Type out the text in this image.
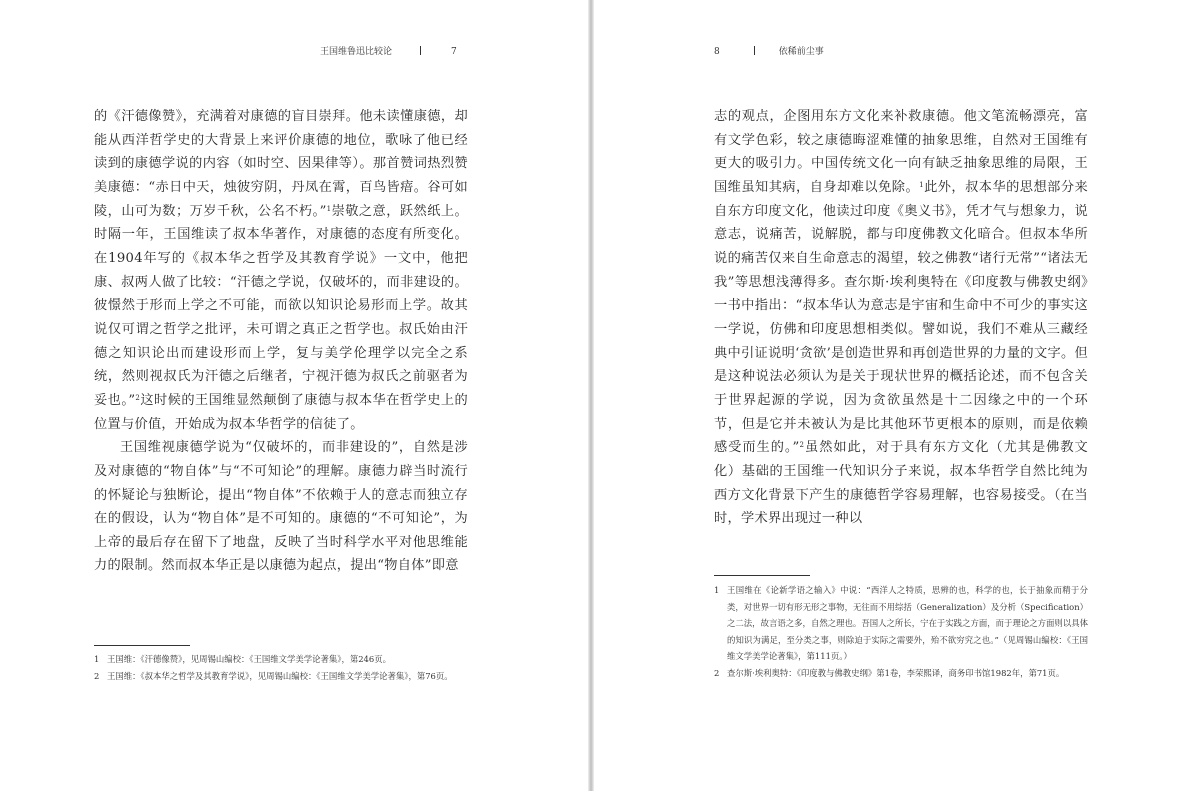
王国维鲁迅比较论	7

的《汗德像赞》，充满着对康德的盲目崇拜。他未读懂康德，却能从西洋哲学史的大背景上来评价康德的地位，歌咏了他已经读到的康德学说的内容（如时空、因果律等）。那首赞词热烈赞美康德：“赤日中天，烛彼穷阴，丹凤在霄，百鸟皆瘖。谷可如陵，山可为数；万岁千秋，公名不朽。”$^1$崇敬之意，跃然纸上。时隔一年，王国维读了叔本华著作，对康德的态度有所变化。在1904年写的《叔本华之哲学及其教育学说》一文中，他把康、叔两人做了比较：“汗德之学说，仅破坏的，而非建设的。彼憬然于形而上学之不可能，而欲以知识论易形而上学。故其说仅可谓之哲学之批评，未可谓之真正之哲学也。叔氏始由汗德之知识论出而建设形而上学，复与美学伦理学以完全之系统，然则视叔氏为汗德之后继者，宁视汗德为叔氏之前驱者为妥也。”$^2$这时候的王国维显然颠倒了康德与叔本华在哲学史上的位置与价值，开始成为叔本华哲学的信徒了。

王国维视康德学说为“仅破坏的，而非建设的”，自然是涉及对康德的“物自体”与“不可知论”的理解。康德力辟当时流行的怀疑论与独断论，提出“物自体”不依赖于人的意志而独立存在的假设，认为“物自体”是不可知的。康德的“不可知论”，为上帝的最后存在留下了地盘，反映了当时科学水平对他思维能力的限制。然而叔本华正是以康德为起点，提出“物自体”即意

1 王国维：《汗德像赞》，见周锡山编校：《王国维文学美学论著集》，第246页。
2 王国维：《叔本华之哲学及其教育学说》，见周锡山编校：《王国维文学美学论著集》，第76页。
8	依稀前尘事

志的观点，企图用东方文化来补救康德。他文笔流畅漂亮，富有文学色彩，较之康德晦涩难懂的抽象思维，自然对王国维有更大的吸引力。中国传统文化一向有缺乏抽象思维的局限，王国维虽知其病，自身却难以免除。$^1$此外，叔本华的思想部分来自东方印度文化，他读过印度《奥义书》，凭才气与想象力，说意志，说痛苦，说解脱，都与印度佛教文化暗合。但叔本华所说的痛苦仅来自生命意志的渴望，较之佛教“诸行无常”“诸法无我”等思想浅薄得多。查尔斯·埃利奥特在《印度教与佛教史纲》一书中指出：“叔本华认为意志是宇宙和生命中不可少的事实这一学说，仿佛和印度思想相类似。譬如说，我们不难从三藏经典中引证说明‘贪欲’是创造世界和再创造世界的力量的文字。但是这种说法必须认为是关于现状世界的概括论述，而不包含关于世界起源的学说，因为贪欲虽然是十二因缘之中的一个环节，但是它并未被认为是比其他环节更根本的原则，而是依赖感受而生的。”$^2$虽然如此，对于具有东方文化（尤其是佛教文化）基础的王国维一代知识分子来说，叔本华哲学自然比纯为西方文化背景下产生的康德哲学容易理解，也容易接受。（在当时，学术界出现过一种以

1 王国维在《论新学语之输入》中说：“西洋人之特质，思辨的也，科学的也，长于抽象而精于分类，对世界一切有形无形之事物，无往而不用综括（Generalization）及分析（Specification）之二法，故言语之多，自然之理也。吾国人之所长，宁在于实践之方面，而于理论之方面则以具体的知识为满足，至分类之事，则除迫于实际之需要外，殆不欲穷究之也。”（见周锡山编校：《王国维文学美学论著集》，第111页。）
2 查尔斯·埃利奥特：《印度教与佛教史纲》第1卷，李荣熙译，商务印书馆1982年，第71页。
